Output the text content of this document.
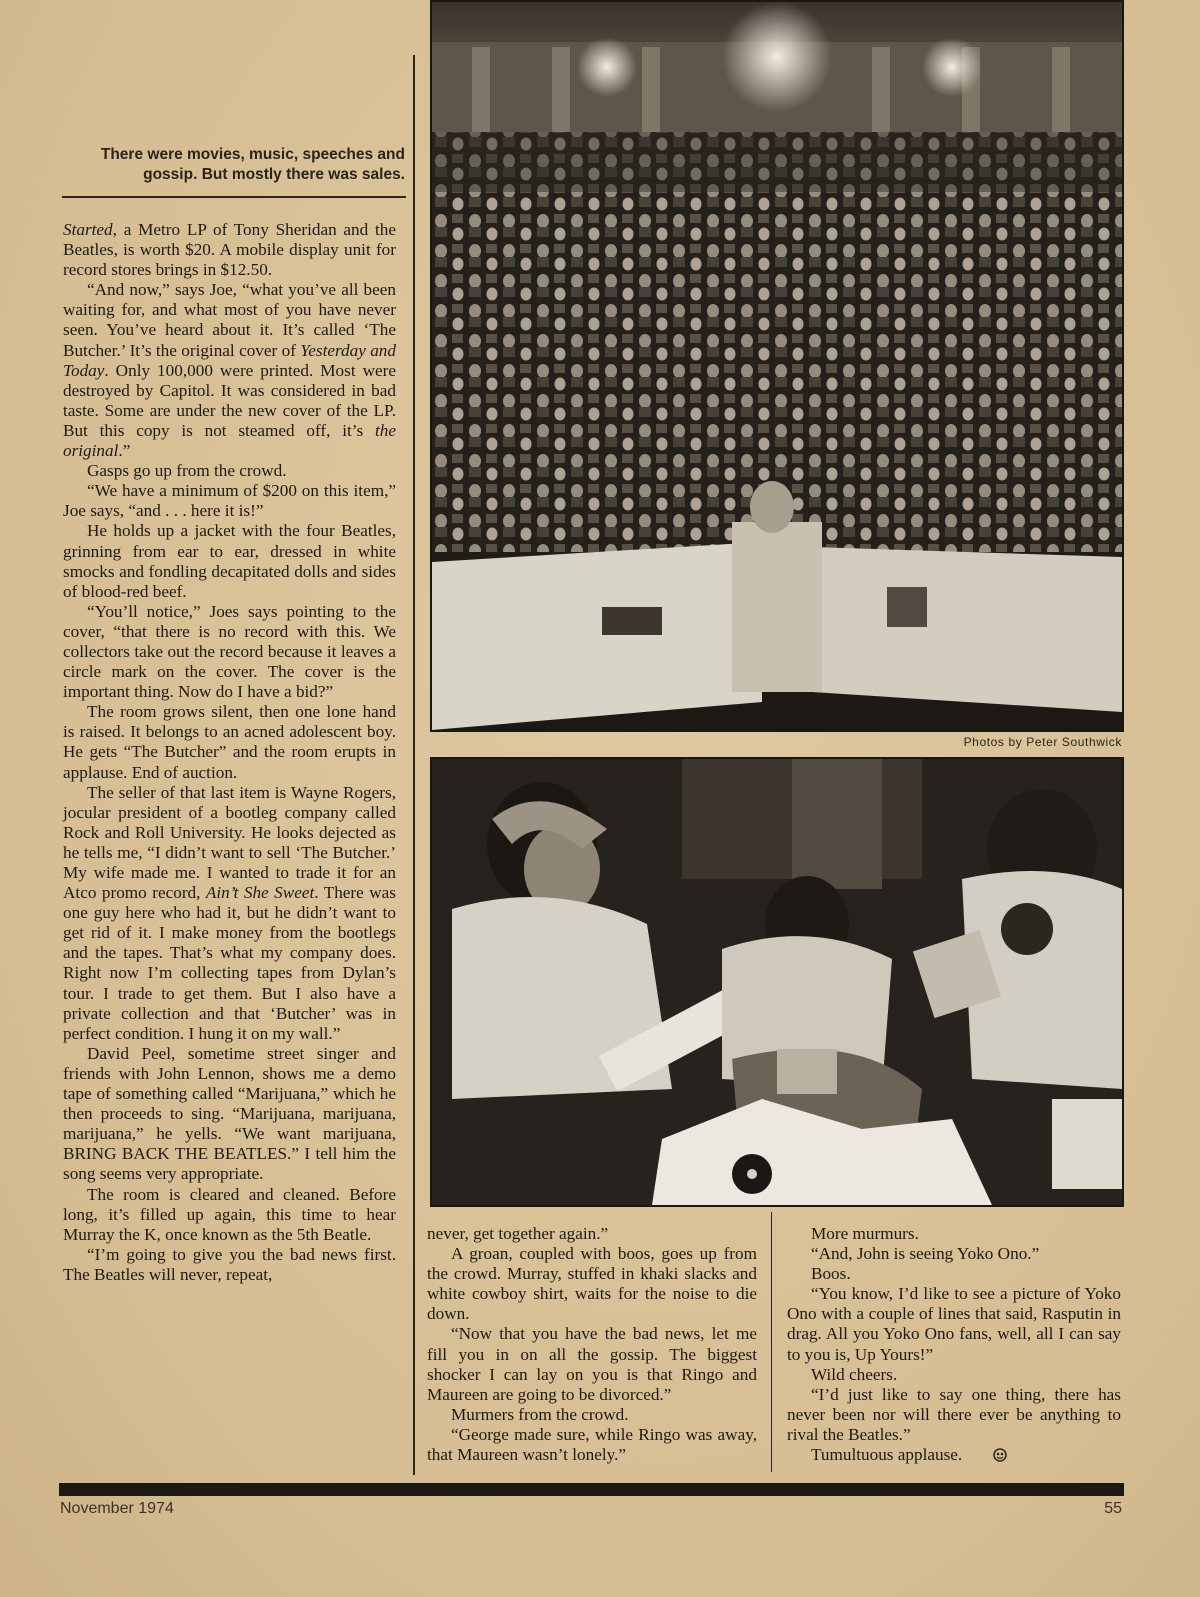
There were movies, music, speeches and
gossip. But mostly there was sales.

Started, a Metro LP of Tony Sheridan and the Beatles, is worth $20. A mobile display unit for record stores brings in $12.50.

“And now,” says Joe, “what you’ve all been waiting for, and what most of you have never seen. You’ve heard about it. It’s called ‘The Butcher.’ It’s the original cover of Yesterday and Today. Only 100,000 were printed. Most were destroyed by Capitol. It was considered in bad taste. Some are under the new cover of the LP. But this copy is not steamed off, it’s the original.”

Gasps go up from the crowd.

“We have a minimum of $200 on this item,” Joe says, “and . . . here it is!”

He holds up a jacket with the four Beatles, grinning from ear to ear, dressed in white smocks and fondling decapitated dolls and sides of blood-red beef.

“You’ll notice,” Joes says pointing to the cover, “that there is no record with this. We collectors take out the record because it leaves a circle mark on the cover. The cover is the important thing. Now do I have a bid?”

The room grows silent, then one lone hand is raised. It belongs to an acned adolescent boy. He gets “The Butcher” and the room erupts in applause. End of auction.

The seller of that last item is Wayne Rogers, jocular president of a bootleg company called Rock and Roll University. He looks dejected as he tells me, “I didn’t want to sell ‘The Butcher.’ My wife made me. I wanted to trade it for an Atco promo record, Ain’t She Sweet. There was one guy here who had it, but he didn’t want to get rid of it. I make money from the bootlegs and the tapes. That’s what my company does. Right now I’m collecting tapes from Dylan’s tour. I trade to get them. But I also have a private collection and that ‘Butcher’ was in perfect condition. I hung it on my wall.”

David Peel, sometime street singer and friends with John Lennon, shows me a demo tape of something called “Marijuana,” which he then proceeds to sing. “Marijuana, marijuana, marijuana,” he yells. “We want marijuana, BRING BACK THE BEATLES.” I tell him the song seems very appropriate.

The room is cleared and cleaned. Before long, it’s filled up again, this time to hear Murray the K, once known as the 5th Beatle.

“I’m going to give you the bad news first. The Beatles will never, repeat,

never, get together again.”

A groan, coupled with boos, goes up from the crowd. Murray, stuffed in khaki slacks and white cowboy shirt, waits for the noise to die down.

“Now that you have the bad news, let me fill you in on all the gossip. The biggest shocker I can lay on you is that Ringo and Maureen are going to be divorced.”

Murmers from the crowd.

“George made sure, while Ringo was away, that Maureen wasn’t lonely.”

More murmurs.

“And, John is seeing Yoko Ono.”

Boos.

“You know, I’d like to see a picture of Yoko Ono with a couple of lines that said, Rasputin in drag. All you Yoko Ono fans, well, all I can say to you is, Up Yours!”

Wild cheers.

“I’d just like to say one thing, there has never been nor will there ever be anything to rival the Beatles.”

Tumultuous applause.

Photos by Peter Southwick
November 1974	55
